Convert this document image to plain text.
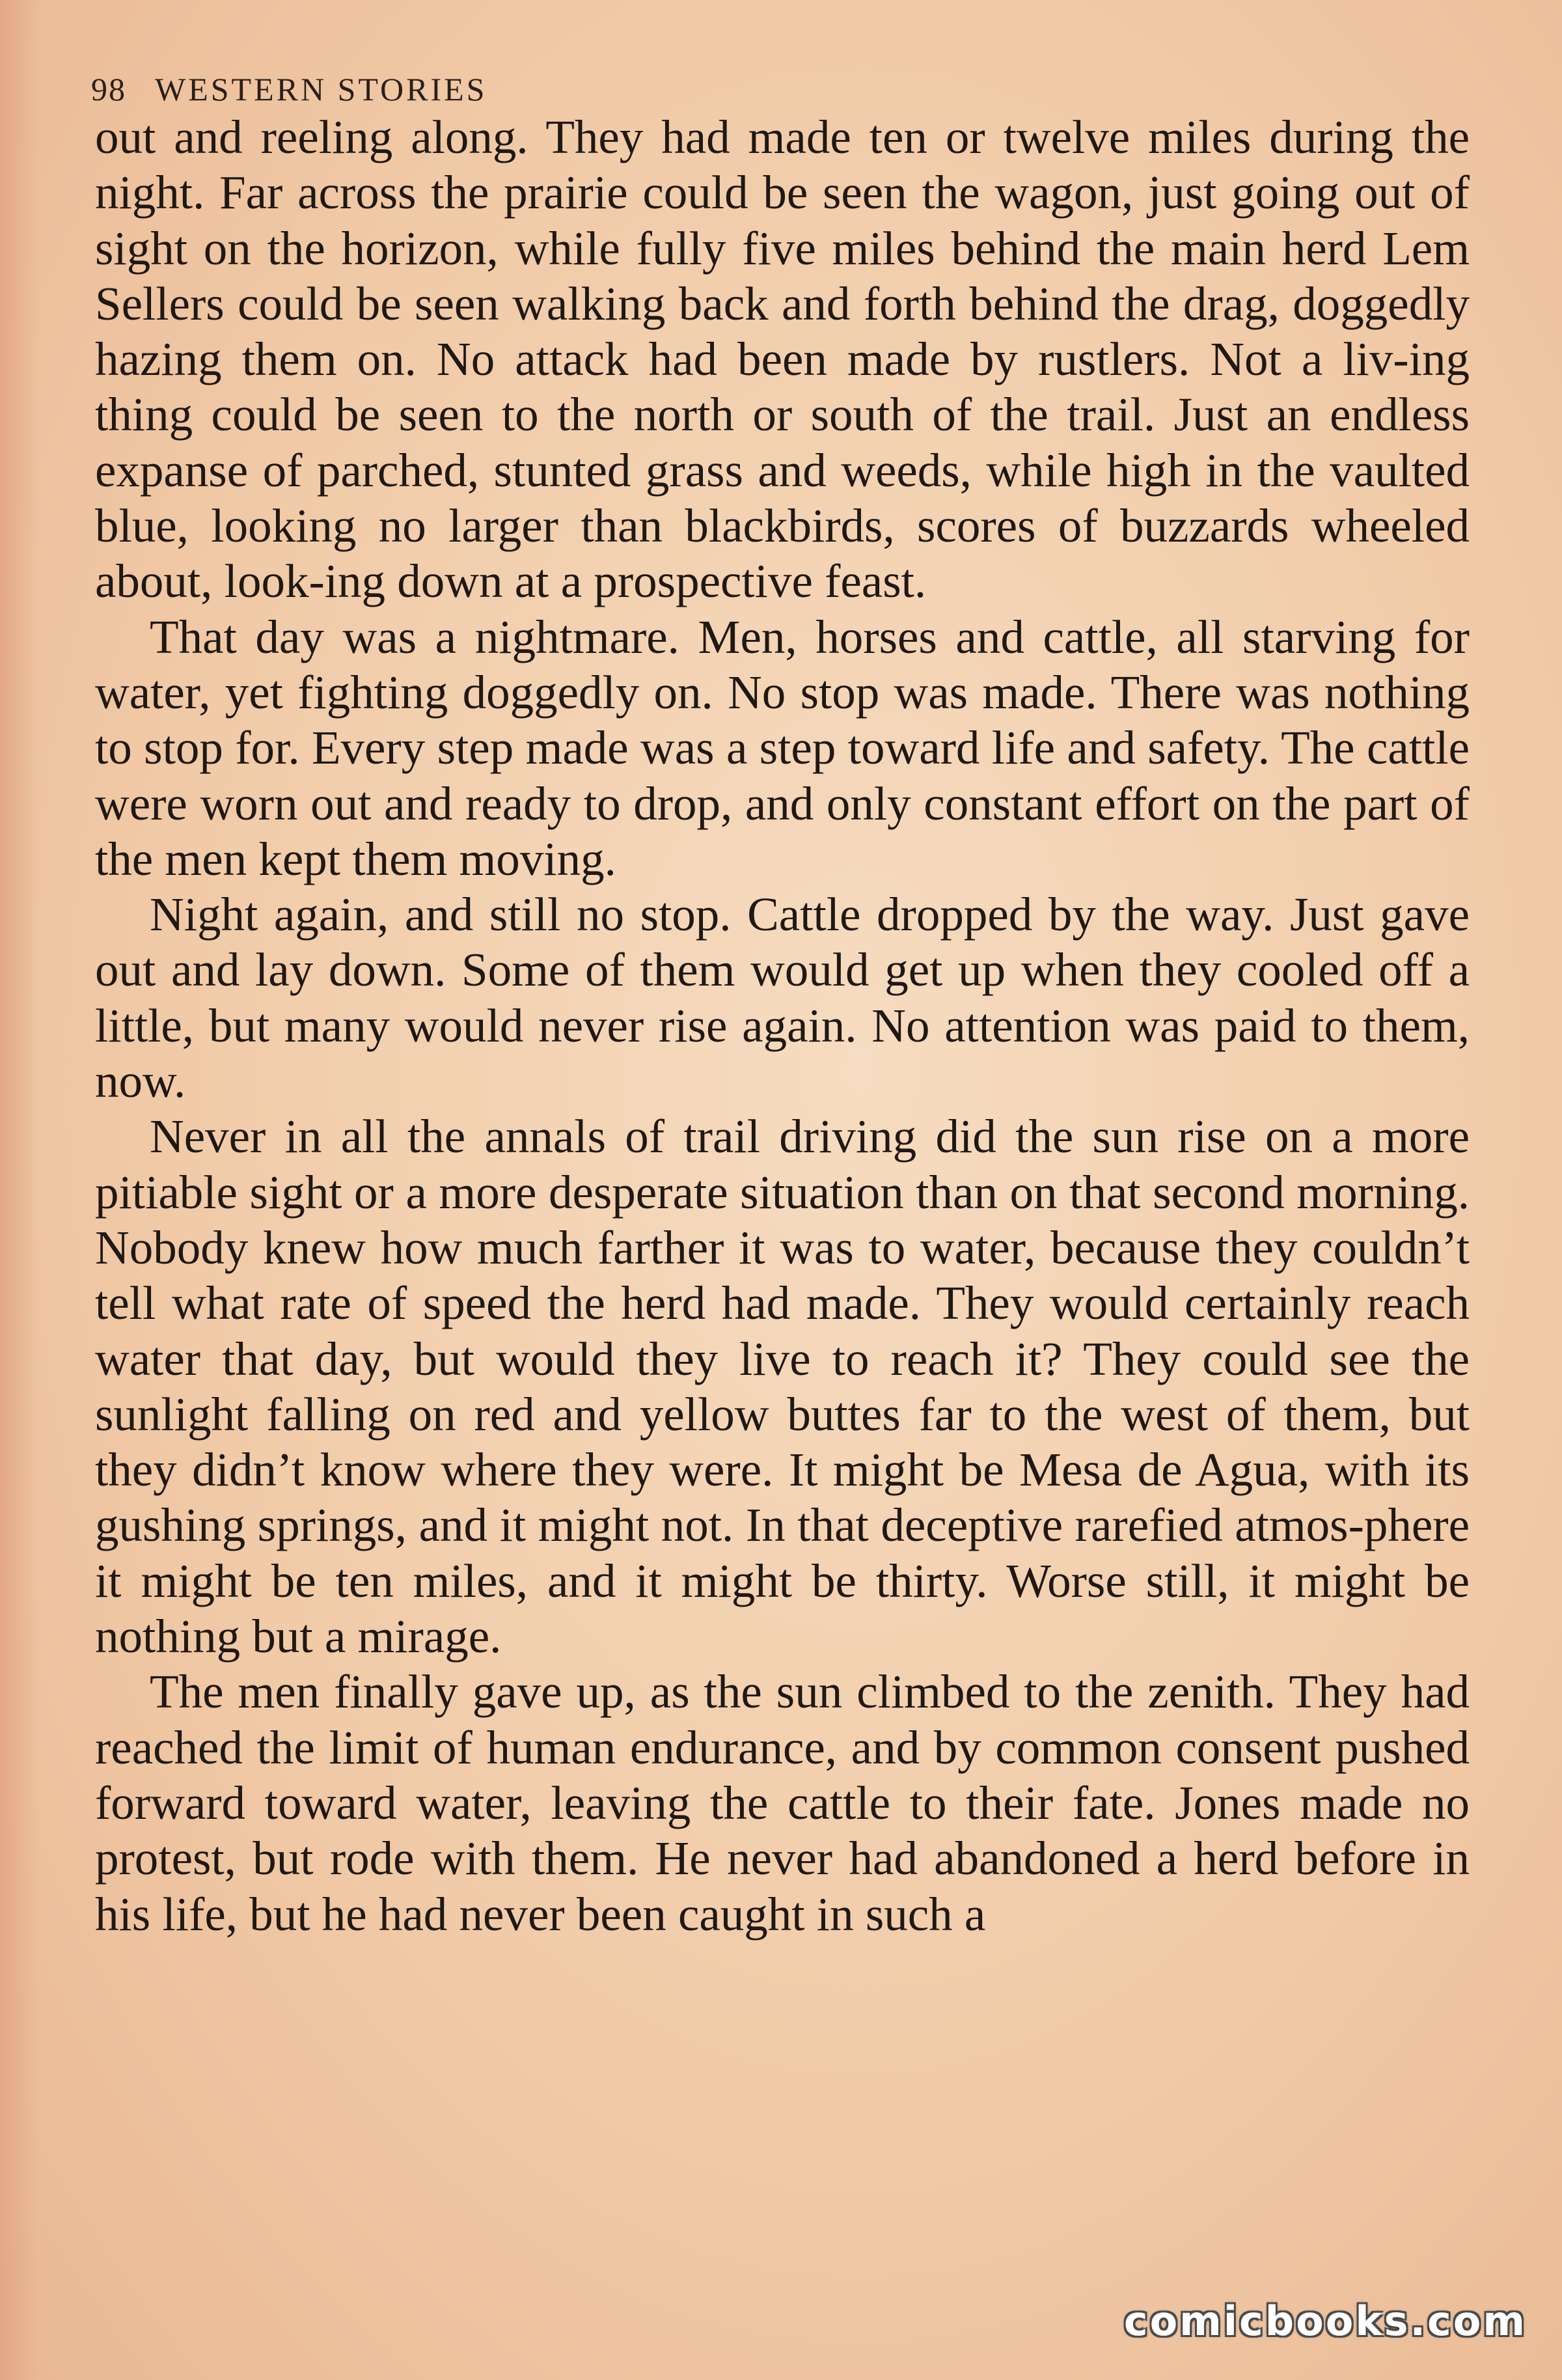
98 WESTERN STORIES

out and reeling along. They had made ten or twelve miles during the night. Far across the prairie could be seen the wagon, just going out of sight on the horizon, while fully five miles behind the main herd Lem Sellers could be seen walking back and forth behind the drag, doggedly hazing them on. No attack had been made by rustlers. Not a liv-ing thing could be seen to the north or south of the trail. Just an endless expanse of parched, stunted grass and weeds, while high in the vaulted blue, looking no larger than blackbirds, scores of buzzards wheeled about, look-ing down at a prospective feast.

That day was a nightmare. Men, horses and cattle, all starving for water, yet fighting doggedly on. No stop was made. There was nothing to stop for. Every step made was a step toward life and safety. The cattle were worn out and ready to drop, and only constant effort on the part of the men kept them moving.

Night again, and still no stop. Cattle dropped by the way. Just gave out and lay down. Some of them would get up when they cooled off a little, but many would never rise again. No attention was paid to them, now.

Never in all the annals of trail driving did the sun rise on a more pitiable sight or a more desperate situation than on that second morning. Nobody knew how much farther it was to water, because they couldn’t tell what rate of speed the herd had made. They would certainly reach water that day, but would they live to reach it? They could see the sunlight falling on red and yellow buttes far to the west of them, but they didn’t know where they were. It might be Mesa de Agua, with its gushing springs, and it might not. In that deceptive rarefied atmos-phere it might be ten miles, and it might be thirty. Worse still, it might be nothing but a mirage.

The men finally gave up, as the sun climbed to the zenith. They had reached the limit of human endurance, and by common consent pushed forward toward water, leaving the cattle to their fate. Jones made no protest, but rode with them. He never had abandoned a herd before in his life, but he had never been caught in such a

comicbooks.com
